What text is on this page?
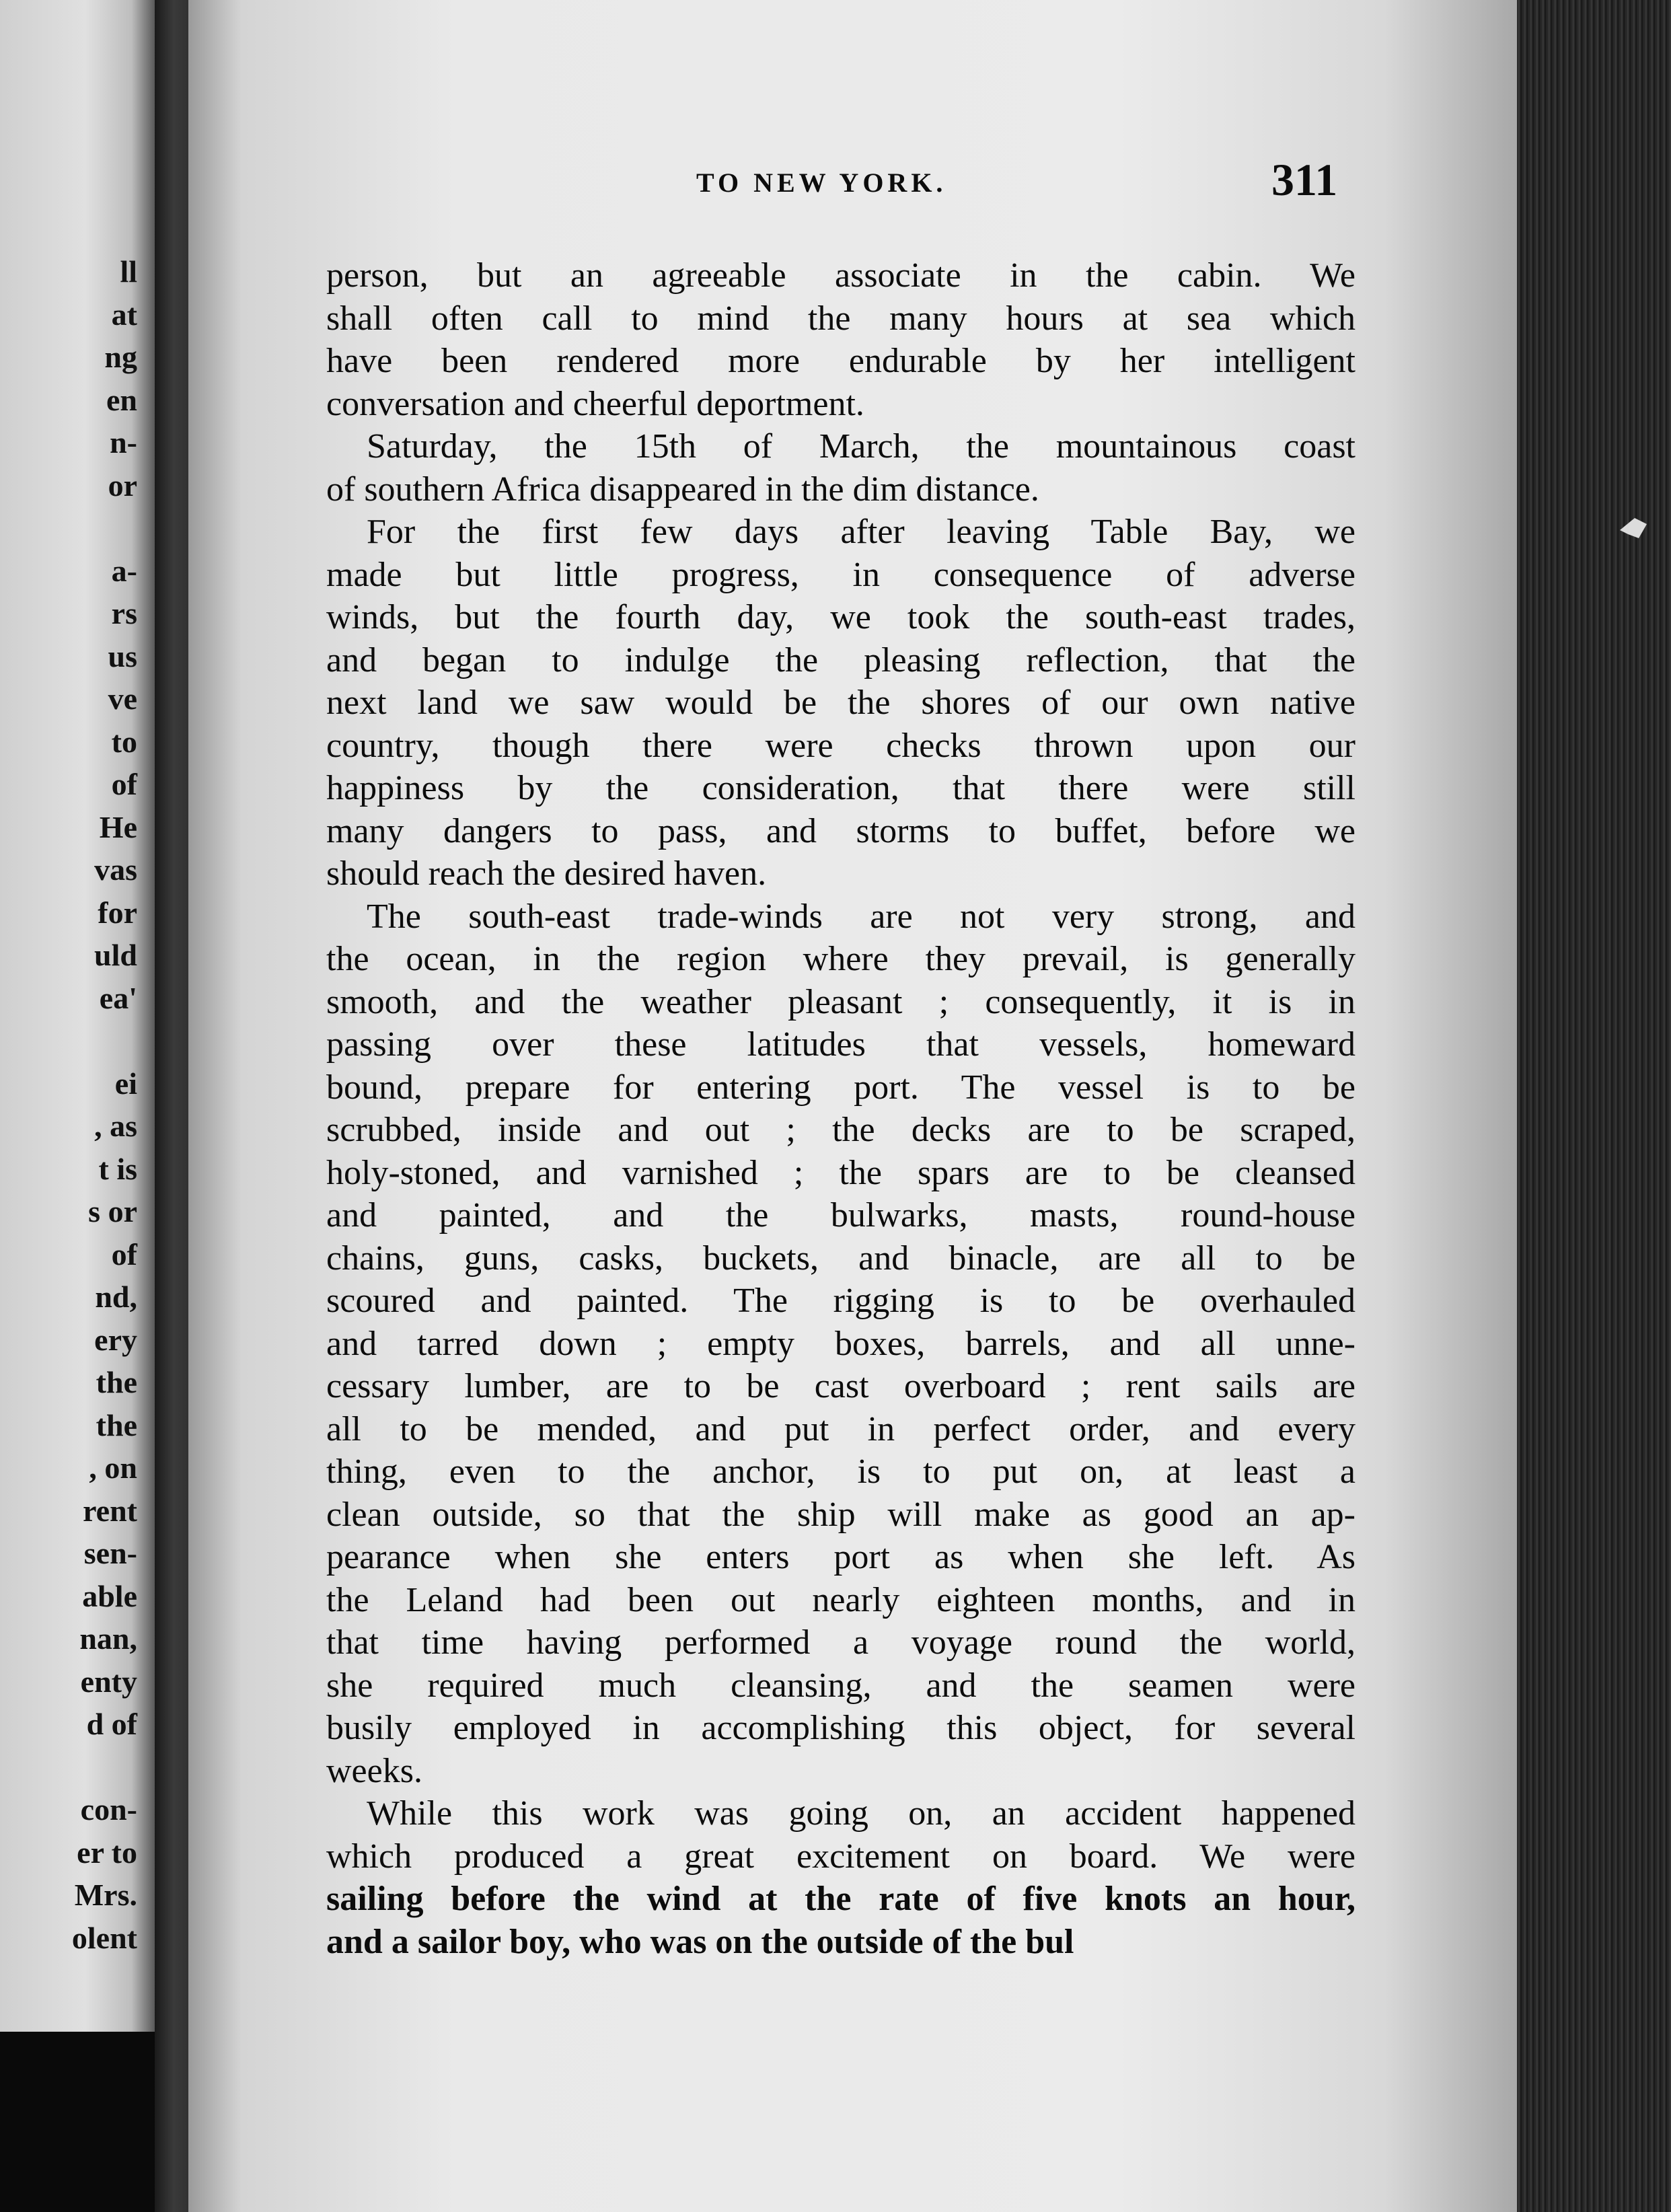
ll
at
ng
en
n-
or
a-
rs
us
ve
to
of
He
vas
for
uld
ea'
ei
, as
t is
s or
of
nd,
ery
the
the
, on
rent
sen-
able
nan,
enty
d of
con-
er to
Mrs.
olent
TO NEW YORK.	311

person, but an agreeable associate in the cabin. We
shall often call to mind the many hours at sea which
have been rendered more endurable by her intelligent
conversation and cheerful deportment.

Saturday, the 15th of March, the mountainous coast
of southern Africa disappeared in the dim distance.

For the first few days after leaving Table Bay, we
made but little progress, in consequence of adverse
winds, but the fourth day, we took the south-east trades,
and began to indulge the pleasing reflection, that the
next land we saw would be the shores of our own native
country, though there were checks thrown upon our
happiness by the consideration, that there were still
many dangers to pass, and storms to buffet, before we
should reach the desired haven.

The south-east trade-winds are not very strong, and
the ocean, in the region where they prevail, is generally
smooth, and the weather pleasant ; consequently, it is in
passing over these latitudes that vessels, homeward
bound, prepare for entering port. The vessel is to be
scrubbed, inside and out ; the decks are to be scraped,
holy-stoned, and varnished ; the spars are to be cleansed
and painted, and the bulwarks, masts, round-house
chains, guns, casks, buckets, and binacle, are all to be
scoured and painted. The rigging is to be overhauled
and tarred down ; empty boxes, barrels, and all unne-
cessary lumber, are to be cast overboard ; rent sails are
all to be mended, and put in perfect order, and every
thing, even to the anchor, is to put on, at least a
clean outside, so that the ship will make as good an ap-
pearance when she enters port as when she left. As
the Leland had been out nearly eighteen months, and in
that time having performed a voyage round the world,
she required much cleansing, and the seamen were
busily employed in accomplishing this object, for several
weeks.

While this work was going on, an accident happened
which produced a great excitement on board. We were
sailing before the wind at the rate of five knots an hour,
and a sailor boy, who was on the outside of the bul
